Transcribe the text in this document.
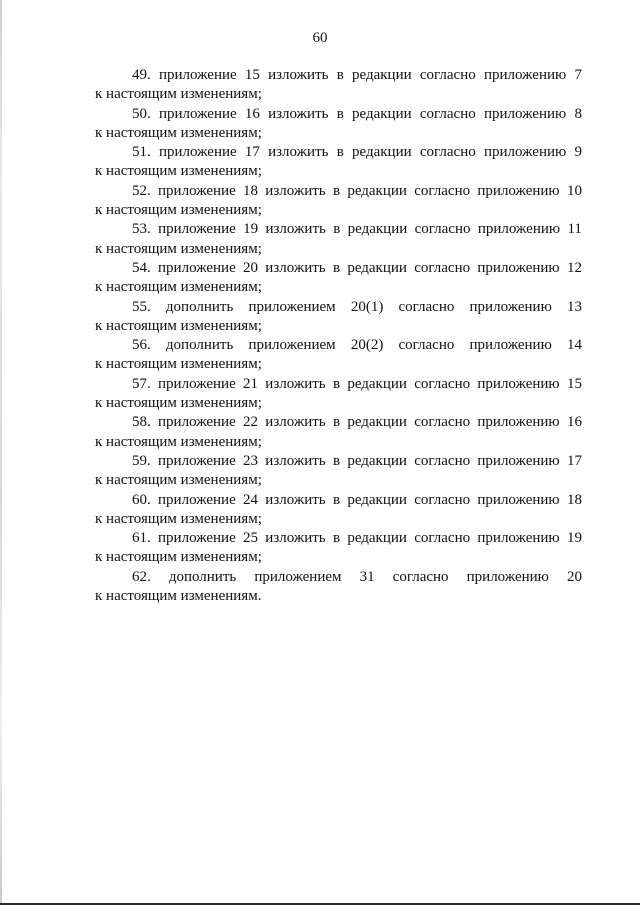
60
49. приложение 15 изложить в редакции согласно приложению 7
к настоящим изменениям;
50. приложение 16 изложить в редакции согласно приложению 8
к настоящим изменениям;
51. приложение 17 изложить в редакции согласно приложению 9
к настоящим изменениям;
52. приложение 18 изложить в редакции согласно приложению 10
к настоящим изменениям;
53. приложение 19 изложить в редакции согласно приложению 11
к настоящим изменениям;
54. приложение 20 изложить в редакции согласно приложению 12
к настоящим изменениям;
55. дополнить приложением 20(1) согласно приложению 13
к настоящим изменениям;
56. дополнить приложением 20(2) согласно приложению 14
к настоящим изменениям;
57. приложение 21 изложить в редакции согласно приложению 15
к настоящим изменениям;
58. приложение 22 изложить в редакции согласно приложению 16
к настоящим изменениям;
59. приложение 23 изложить в редакции согласно приложению 17
к настоящим изменениям;
60. приложение 24 изложить в редакции согласно приложению 18
к настоящим изменениям;
61. приложение 25 изложить в редакции согласно приложению 19
к настоящим изменениям;
62. дополнить приложением 31 согласно приложению 20
к настоящим изменениям.
